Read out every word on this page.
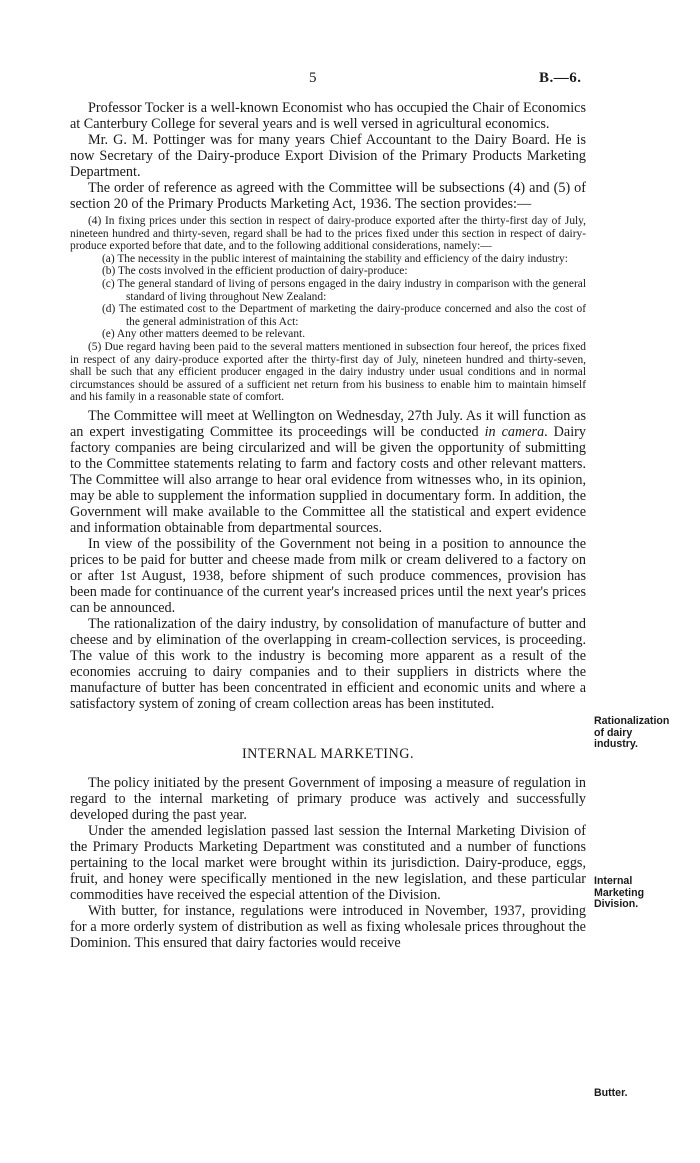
5	B.—6.

Professor Tocker is a well-known Economist who has occupied the Chair of Economics at Canterbury College for several years and is well versed in agricultural economics.

Mr. G. M. Pottinger was for many years Chief Accountant to the Dairy Board. He is now Secretary of the Dairy-produce Export Division of the Primary Products Marketing Department.

The order of reference as agreed with the Committee will be subsections (4) and (5) of section 20 of the Primary Products Marketing Act, 1936. The section provides:—

(4) In fixing prices under this section in respect of dairy-produce exported after the thirty-first day of July, nineteen hundred and thirty-seven, regard shall be had to the prices fixed under this section in respect of dairy-produce exported before that date, and to the following additional considerations, namely:—

(a) The necessity in the public interest of maintaining the stability and efficiency of the dairy industry:

(b) The costs involved in the efficient production of dairy-produce:

(c) The general standard of living of persons engaged in the dairy industry in comparison with the general standard of living throughout New Zealand:

(d) The estimated cost to the Department of marketing the dairy-produce concerned and also the cost of the general administration of this Act:

(e) Any other matters deemed to be relevant.

(5) Due regard having been paid to the several matters mentioned in subsection four hereof, the prices fixed in respect of any dairy-produce exported after the thirty-first day of July, nineteen hundred and thirty-seven, shall be such that any efficient producer engaged in the dairy industry under usual conditions and in normal circumstances should be assured of a sufficient net return from his business to enable him to maintain himself and his family in a reasonable state of comfort.

The Committee will meet at Wellington on Wednesday, 27th July. As it will function as an expert investigating Committee its proceedings will be conducted in camera. Dairy factory companies are being circularized and will be given the opportunity of submitting to the Committee statements relating to farm and factory costs and other relevant matters. The Committee will also arrange to hear oral evidence from witnesses who, in its opinion, may be able to supplement the information supplied in documentary form. In addition, the Government will make available to the Committee all the statistical and expert evidence and information obtainable from departmental sources.

In view of the possibility of the Government not being in a position to announce the prices to be paid for butter and cheese made from milk or cream delivered to a factory on or after 1st August, 1938, before shipment of such produce commences, provision has been made for continuance of the current year's increased prices until the next year's prices can be announced.

The rationalization of the dairy industry, by consolidation of manufacture of butter and cheese and by elimination of the overlapping in cream-collection services, is proceeding. The value of this work to the industry is becoming more apparent as a result of the economies accruing to dairy companies and to their suppliers in districts where the manufacture of butter has been concentrated in efficient and economic units and where a satisfactory system of zoning of cream collection areas has been instituted.

INTERNAL MARKETING.

The policy initiated by the present Government of imposing a measure of regulation in regard to the internal marketing of primary produce was actively and successfully developed during the past year.

Under the amended legislation passed last session the Internal Marketing Division of the Primary Products Marketing Department was constituted and a number of functions pertaining to the local market were brought within its jurisdiction. Dairy-produce, eggs, fruit, and honey were specifically mentioned in the new legislation, and these particular commodities have received the especial attention of the Division.

With butter, for instance, regulations were introduced in November, 1937, providing for a more orderly system of distribution as well as fixing wholesale prices throughout the Dominion. This ensured that dairy factories would receive

Rationalization
of dairy
industry.
Internal
Marketing
Division.
Butter.
